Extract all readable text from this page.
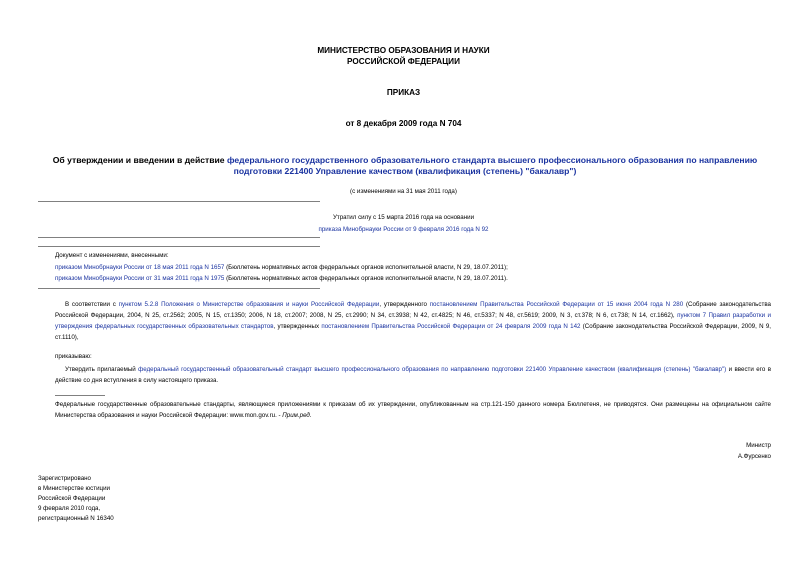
МИНИСТЕРСТВО ОБРАЗОВАНИЯ И НАУКИ
РОССИЙСКОЙ ФЕДЕРАЦИИ
ПРИКАЗ
от 8 декабря 2009 года N 704
Об утверждении и введении в действие федерального государственного образовательного стандарта высшего профессионального образования по направлению
подготовки 221400 Управление качеством (квалификация (степень) "бакалавр")
(с изменениями на 31 мая 2011 года)
Утратил силу с 15 марта 2016 года на основании
приказа Минобрнауки России от 9 февраля 2016 года N 92
Документ с изменениями, внесенными:
приказом Минобрнауки России от 18 мая 2011 года N 1657 (Бюллетень нормативных актов федеральных органов исполнительной власти, N 29, 18.07.2011);
приказом Минобрнауки России от 31 мая 2011 года N 1975 (Бюллетень нормативных актов федеральных органов исполнительной власти, N 29, 18.07.2011).
В соответствии с пунктом 5.2.8 Положения о Министерстве образования и науки Российской Федерации, утвержденного постановлением Правительства Российской Федерации от 15 июня 2004 года N 280 (Собрание законодательства Российской Федерации, 2004, N 25, ст.2562; 2005, N 15, ст.1350; 2006, N 18, ст.2007; 2008, N 25, ст.2990; N 34, ст.3938; N 42, ст.4825; N 46, ст.5337; N 48, ст.5619; 2009, N 3, ст.378; N 6, ст.738; N 14, ст.1662), пунктом 7 Правил разработки и утверждения федеральных государственных образовательных стандартов, утвержденных постановлением Правительства Российской Федерации от 24 февраля 2009 года N 142 (Собрание законодательства Российской Федерации, 2009, N 9, ст.1110),
приказываю:
Утвердить прилагаемый федеральный государственный образовательный стандарт высшего профессионального образования по направлению подготовки 221400 Управление качеством (квалификация (степень) "бакалавр") и ввести его в действие со дня вступления в силу настоящего приказа.
Федеральные государственные образовательные стандарты, являющиеся приложениями к приказам об их утверждении, опубликованным на стр.121-150 данного номера Бюллетеня, не приводятся. Они размещены на официальном сайте Министерства образования и науки Российской Федерации: www.mon.gov.ru. - Прим.ред.
Министр
А.Фурсенко
Зарегистрировано
в Министерстве юстиции
Российской Федерации
9 февраля 2010 года,
регистрационный N 16340
